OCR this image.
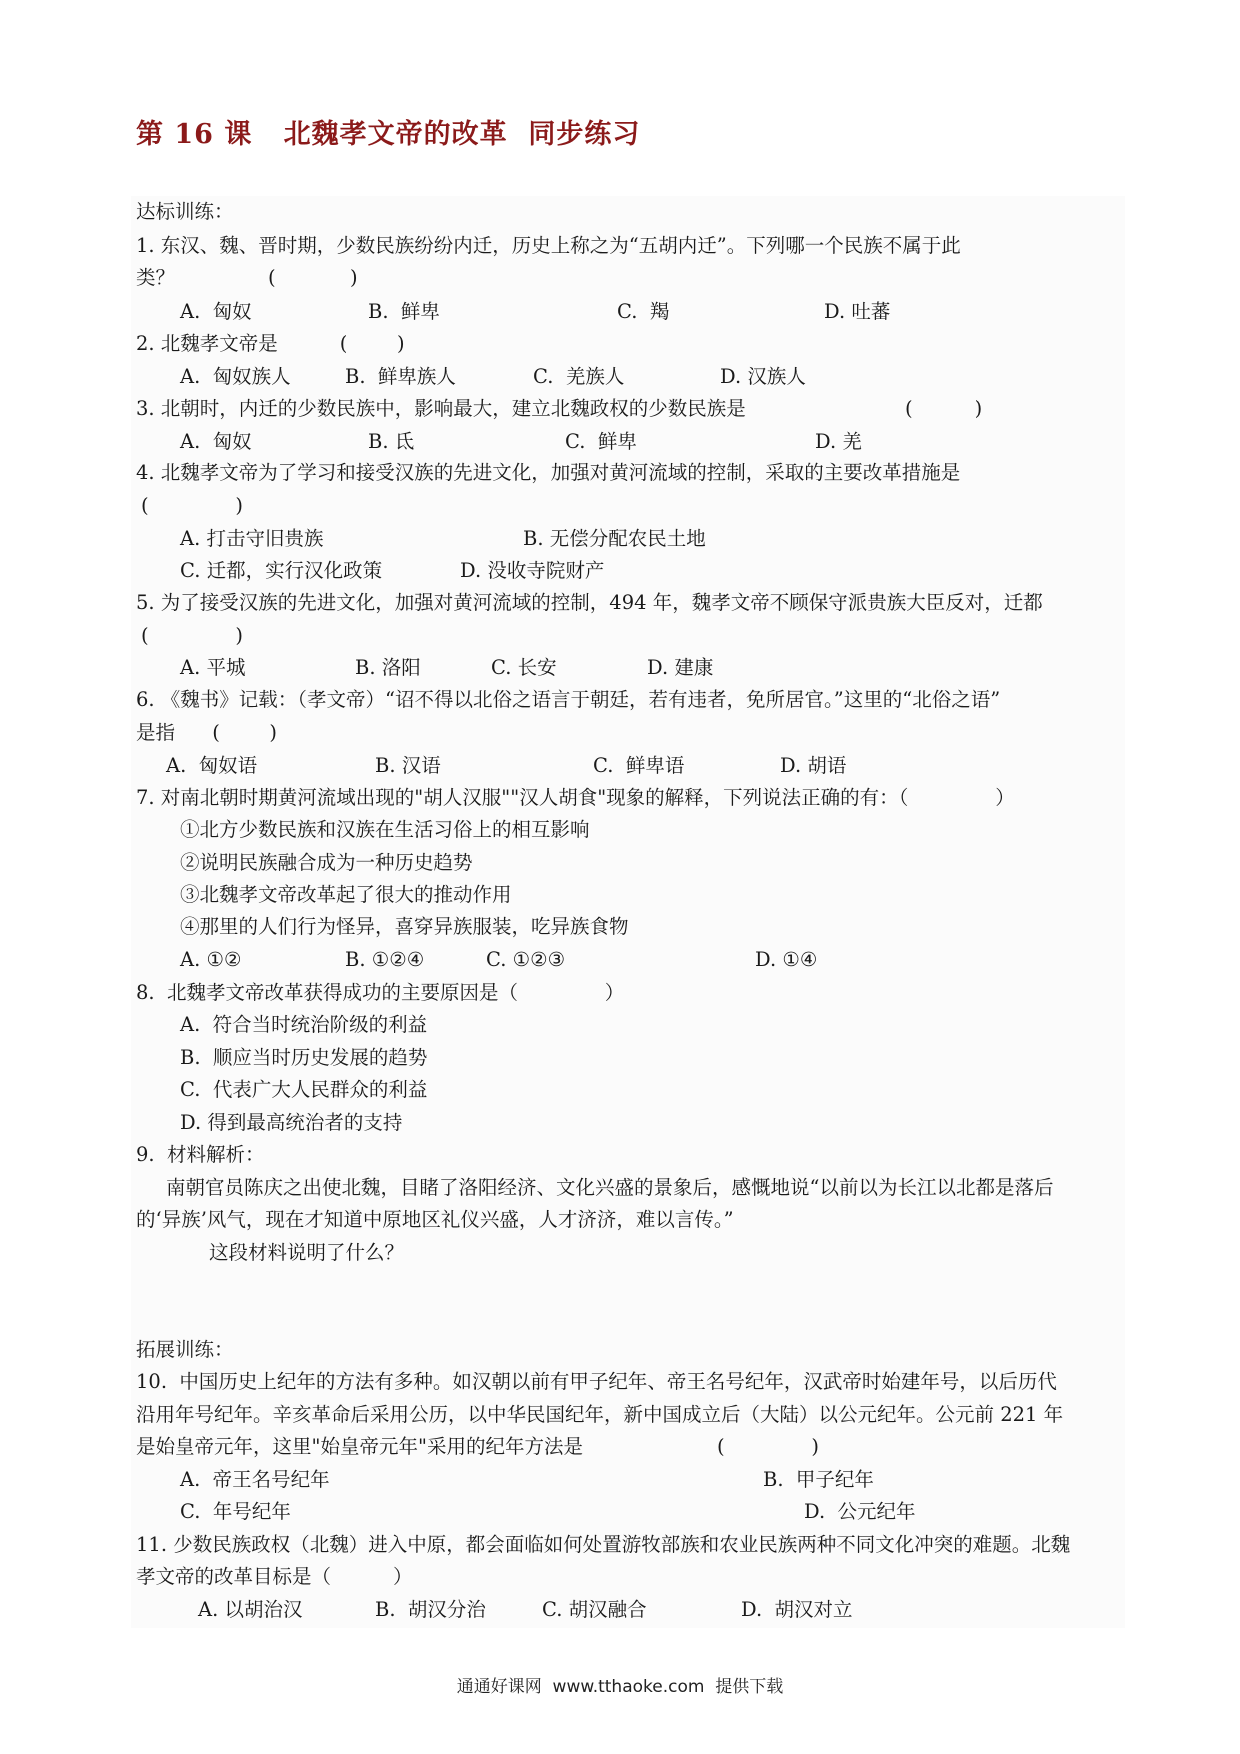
第 16 课   北魏孝文帝的改革  同步练习
达标训练：
1. 东汉、魏、晋时期，少数民族纷纷内迁，历史上称之为“五胡内迁”。下列哪一个民族不属于此
类？               (            )
A.  匈奴	B.  鲜卑	C.  羯	D. 吐蕃
2. 北魏孝文帝是          (        )
A.  匈奴族人	B.  鲜卑族人	C.  羌族人	D. 汉族人
3. 北朝时，内迁的少数民族中，影响最大，建立北魏政权的少数民族是	(          )
A.  匈奴	B. 氐	C.  鲜卑	D. 羌
4. 北魏孝文帝为了学习和接受汉族的先进文化，加强对黄河流域的控制，采取的主要改革措施是
(              )
A. 打击守旧贵族	B. 无偿分配农民土地
C. 迁都，实行汉化政策	D. 没收寺院财产
5. 为了接受汉族的先进文化，加强对黄河流域的控制，494 年，魏孝文帝不顾保守派贵族大臣反对，迁都
(              )
A. 平城	B. 洛阳	C. 长安	D. 建康
6. 《魏书》记载：（孝文帝）“诏不得以北俗之语言于朝廷，若有违者，免所居官。”这里的“北俗之语”
是指      (        )
A.  匈奴语	B. 汉语	C.  鲜卑语	D. 胡语
7. 对南北朝时期黄河流域出现的"胡人汉服""汉人胡食"现象的解释，下列说法正确的有：（              ）
①北方少数民族和汉族在生活习俗上的相互影响
②说明民族融合成为一种历史趋势
③北魏孝文帝改革起了很大的推动作用
④那里的人们行为怪异，喜穿异族服装，吃异族食物
A. ①②	B. ①②④	C. ①②③	D. ①④
8.  北魏孝文帝改革获得成功的主要原因是（              ）
A.  符合当时统治阶级的利益
B.  顺应当时历史发展的趋势
C.  代表广大人民群众的利益
D. 得到最高统治者的支持
9.  材料解析：
南朝官员陈庆之出使北魏，目睹了洛阳经济、文化兴盛的景象后，感慨地说“以前以为长江以北都是落后
的‘异族’风气，现在才知道中原地区礼仪兴盛，人才济济，难以言传。”
这段材料说明了什么？
拓展训练：
10.  中国历史上纪年的方法有多种。如汉朝以前有甲子纪年、帝王名号纪年，汉武帝时始建年号，以后历代
沿用年号纪年。辛亥革命后采用公历，以中华民国纪年，新中国成立后（大陆）以公元纪年。公元前 221 年
是始皇帝元年，这里"始皇帝元年"采用的纪年方法是	(              )
A.  帝王名号纪年	B.  甲子纪年
C.  年号纪年	D.  公元纪年
11. 少数民族政权（北魏）进入中原，都会面临如何处置游牧部族和农业民族两种不同文化冲突的难题。北魏
孝文帝的改革目标是（          ）
A. 以胡治汉	B.  胡汉分治	C. 胡汉融合	D.  胡汉对立
通通好课网  www.tthaoke.com  提供下载
